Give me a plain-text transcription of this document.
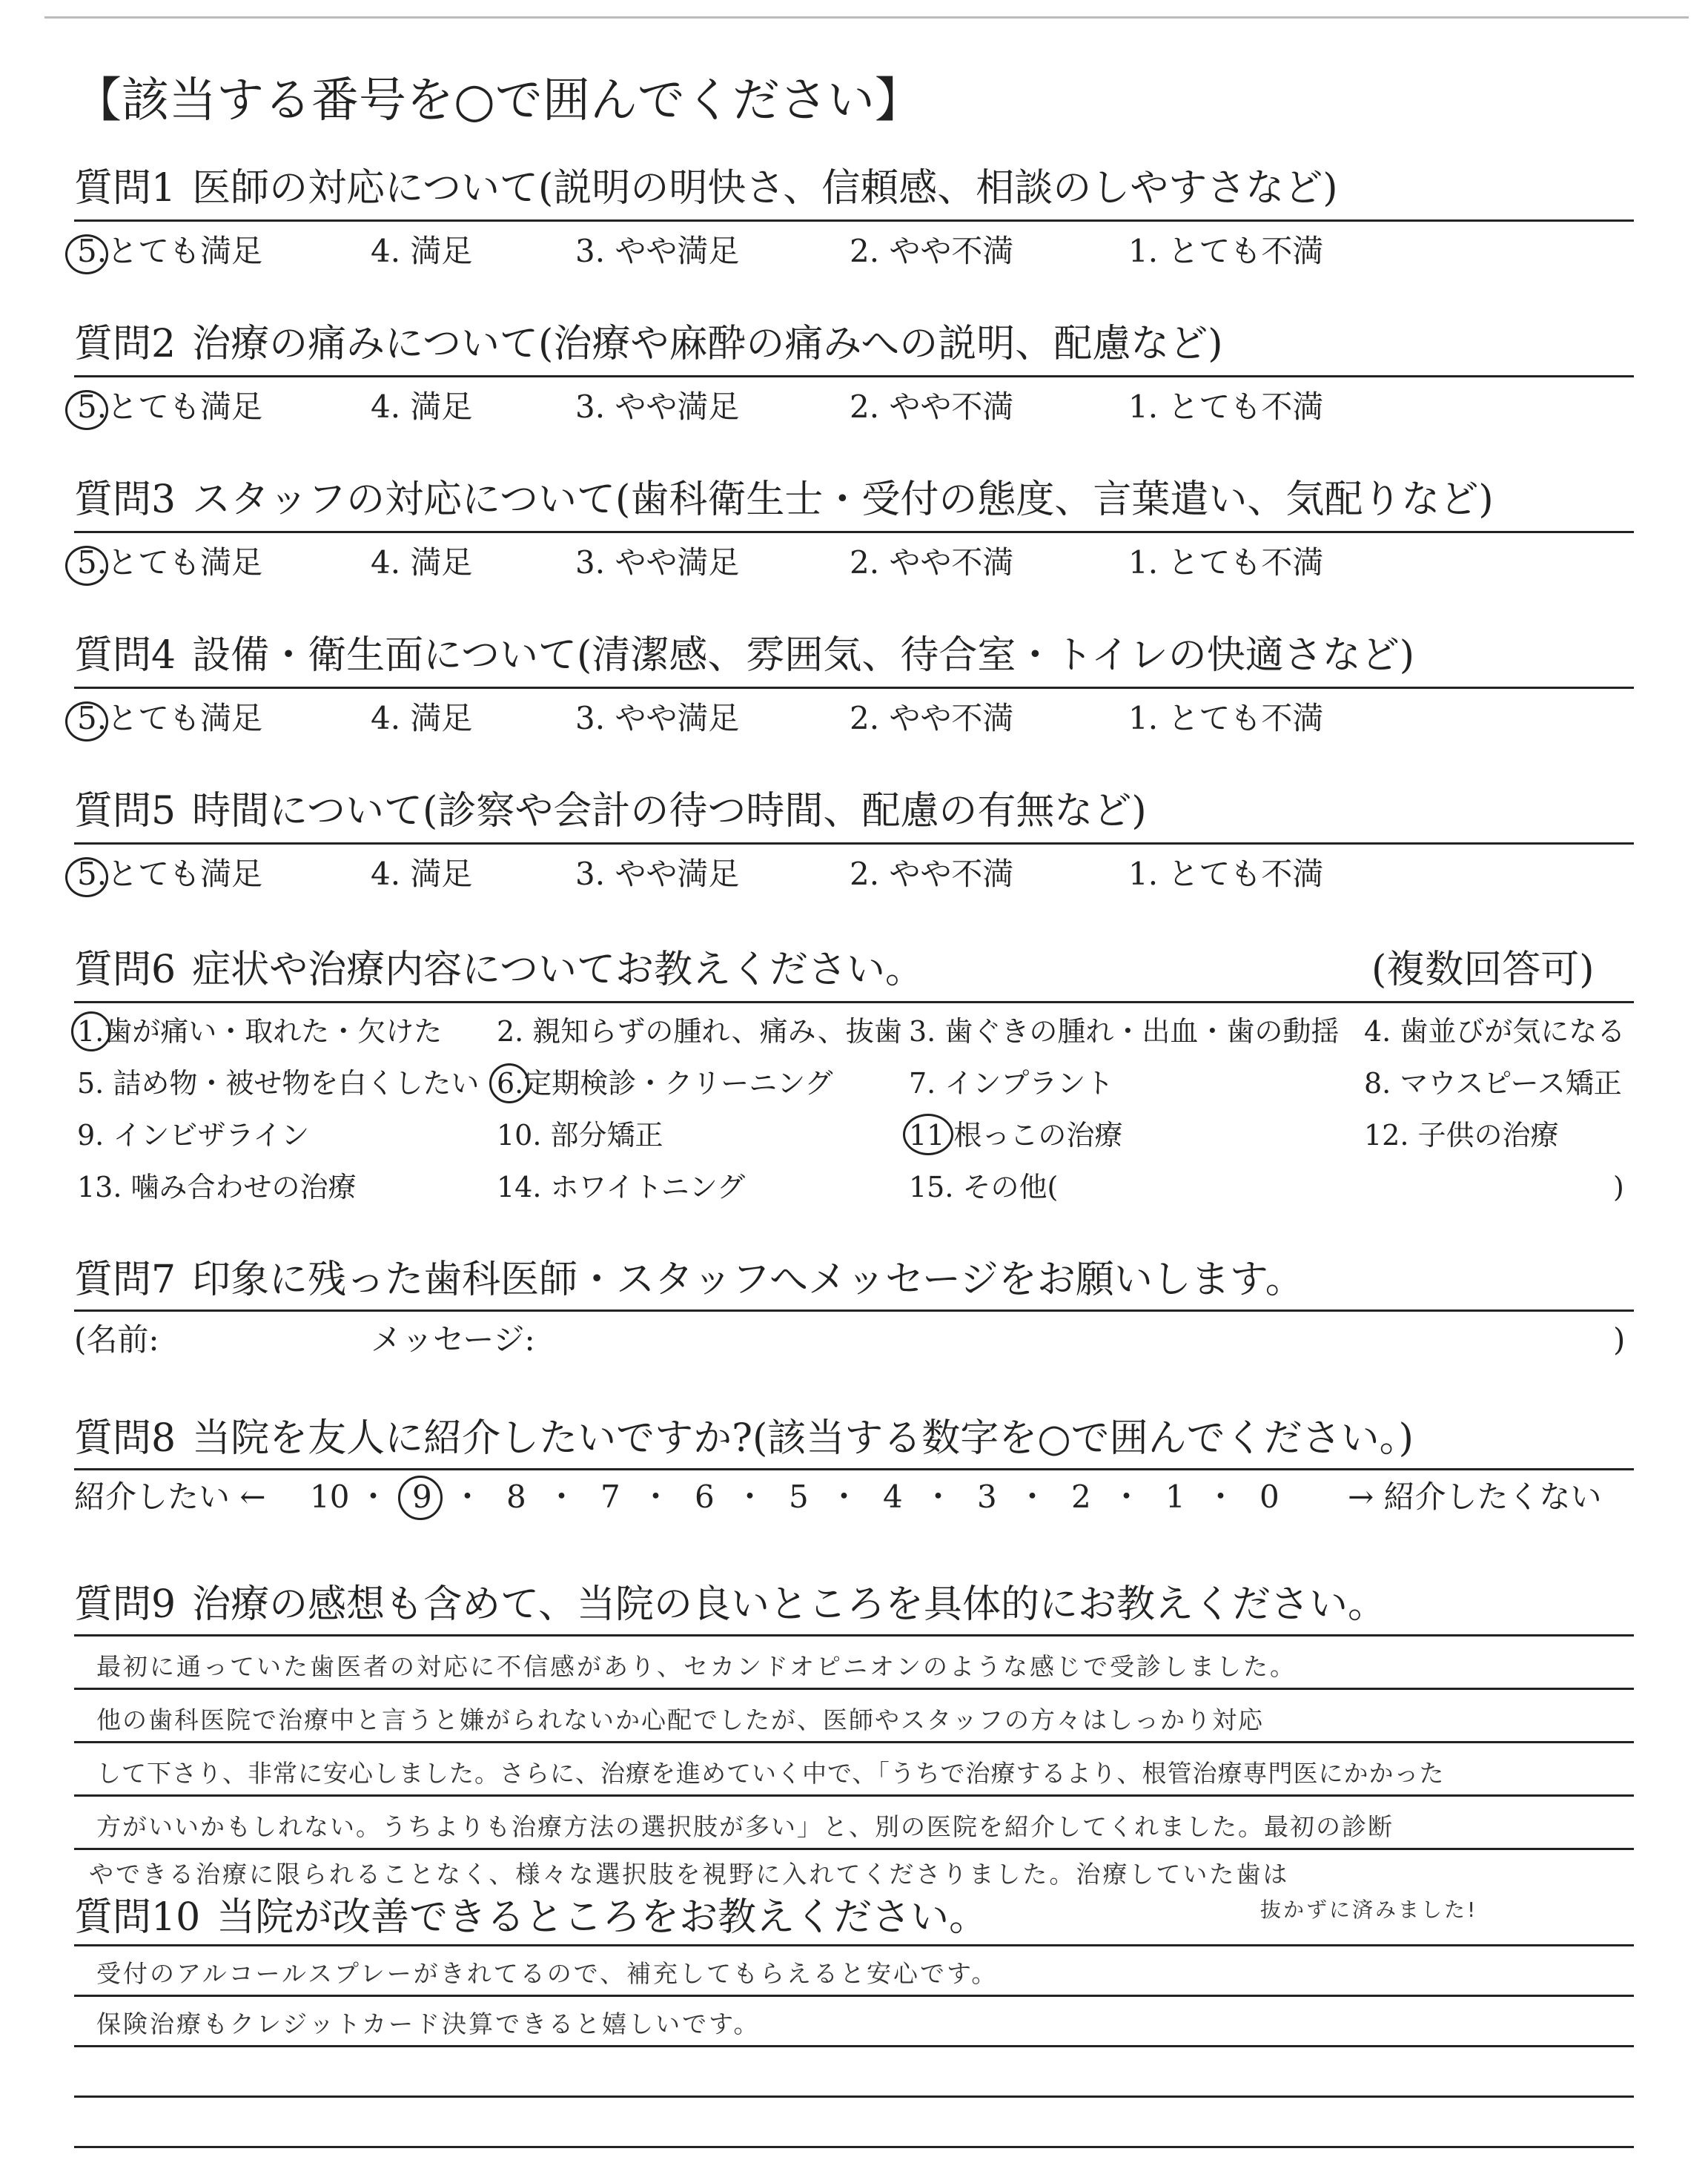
【該当する番号を○で囲んでください】
質問1 医師の対応について(説明の明快さ、信頼感、相談のしやすさなど)
5.とても満足	4. 満足	3. やや満足	2. やや不満	1. とても不満
質問2 治療の痛みについて(治療や麻酔の痛みへの説明、配慮など)
5.とても満足	4. 満足	3. やや満足	2. やや不満	1. とても不満
質問3 スタッフの対応について(歯科衛生士・受付の態度、言葉遣い、気配りなど)
5.とても満足	4. 満足	3. やや満足	2. やや不満	1. とても不満
質問4 設備・衛生面について(清潔感、雰囲気、待合室・トイレの快適さなど)
5.とても満足	4. 満足	3. やや満足	2. やや不満	1. とても不満
質問5 時間について(診察や会計の待つ時間、配慮の有無など)
5.とても満足	4. 満足	3. やや満足	2. やや不満	1. とても不満
質問6 症状や治療内容についてお教えください。	(複数回答可)
1.歯が痛い・取れた・欠けた 2. 親知らずの腫れ、痛み、抜歯 3. 歯ぐきの腫れ・出血・歯の動揺 4. 歯並びが気になる
5. 詰め物・被せ物を白くしたい 6.定期検診・クリーニング	7. インプラント	8. マウスピース矯正
9. インビザライン	10. 部分矯正	11 根っこの治療	12. 子供の治療
13. 噛み合わせの治療	14. ホワイトニング	15. その他(	)
質問7 印象に残った歯科医師・スタッフへメッセージをお願いします。
(名前:	メッセージ:	)
質問8 当院を友人に紹介したいですか?(該当する数字を○で囲んでください。)
紹介したい ←	→ 紹介したくない
10 ・ 9 ・ 8 ・ 7 ・ 6 ・ 5 ・ 4 ・ 3 ・ 2 ・ 1 ・ 0
質問9 治療の感想も含めて、当院の良いところを具体的にお教えください。
最初に通っていた歯医者の対応に不信感があり、セカンドオピニオンのような感じで受診しました。
他の歯科医院で治療中と言うと嫌がられないか心配でしたが、医師やスタッフの方々はしっかり対応
して下さり、非常に安心しました。さらに、治療を進めていく中で、「うちで治療するより、根管治療専門医にかかった
方がいいかもしれない。うちよりも治療方法の選択肢が多い」と、別の医院を紹介してくれました。最初の診断
やできる治療に限られることなく、様々な選択肢を視野に入れてくださりました。治療していた歯は
抜かずに済みました!
質問10 当院が改善できるところをお教えください。
受付のアルコールスプレーがきれてるので、補充してもらえると安心です。
保険治療もクレジットカード決算できると嬉しいです。
